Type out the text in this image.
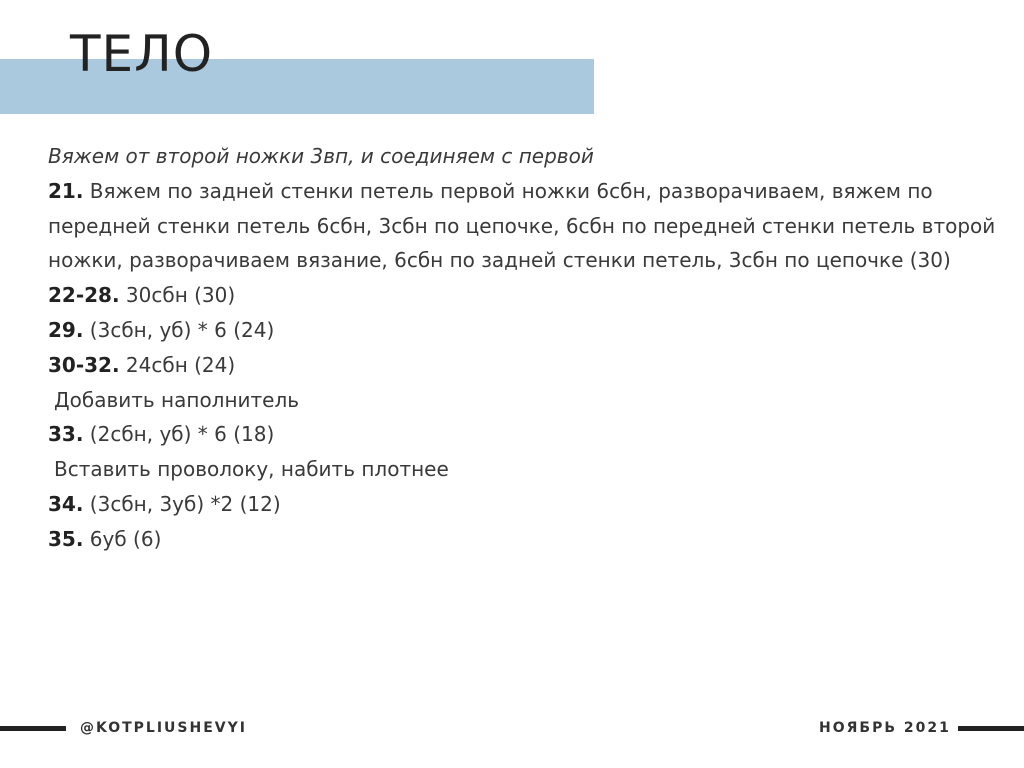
ТЕЛО

Вяжем от второй ножки 3вп, и соединяем с первой

21. Вяжем по задней стенки петель первой ножки 6сбн, разворачиваем, вяжем по передней стенки петель 6сбн, 3сбн по цепочке, 6сбн по передней стенки петель второй ножки, разворачиваем вязание, 6сбн по задней стенки петель, 3сбн по цепочке (30)

22-28. 30сбн (30)

29. (3сбн, уб) * 6 (24)

30-32. 24сбн (24)

Добавить наполнитель

33. (2сбн, уб) * 6 (18)

Вставить проволоку, набить плотнее

34. (3сбн, 3уб) *2 (12)

35. 6уб (6)

@KOTPLIUSHEVYI	НОЯБРЬ 2021
